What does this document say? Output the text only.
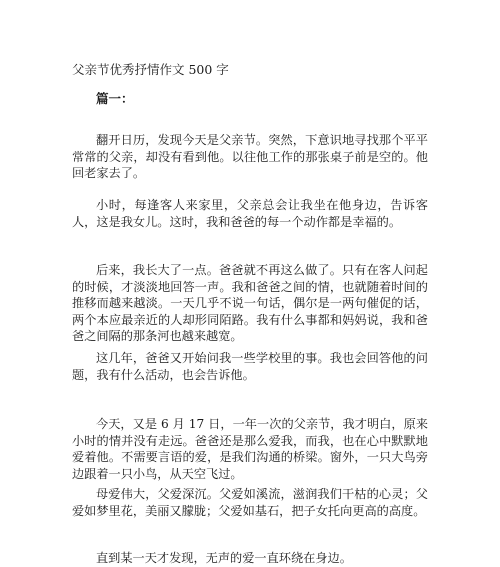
父亲节优秀抒情作文 500 字
篇一：

翻开日历，发现今天是父亲节。突然，下意识地寻找那个平平常常的父亲，却没有看到他。以往他工作的那张桌子前是空的。他回老家去了。

小时，每逢客人来家里，父亲总会让我坐在他身边，告诉客人，这是我女儿。这时，我和爸爸的每一个动作都是幸福的。

后来，我长大了一点。爸爸就不再这么做了。只有在客人问起的时候，才淡淡地回答一声。我和爸爸之间的情，也就随着时间的推移而越来越淡。一天几乎不说一句话，偶尔是一两句催促的话，两个本应最亲近的人却形同陌路。我有什么事都和妈妈说，我和爸爸之间隔的那条河也越来越宽。

这几年，爸爸又开始问我一些学校里的事。我也会回答他的问题，我有什么活动，也会告诉他。

今天，又是 6 月 17 日，一年一次的父亲节，我才明白，原来小时的情并没有走远。爸爸还是那么爱我，而我，也在心中默默地爱着他。不需要言语的爱，是我们沟通的桥梁。窗外，一只大鸟旁边跟着一只小鸟，从天空飞过。

母爱伟大，父爱深沉。父爱如溪流，滋润我们干枯的心灵；父爱如梦里花，美丽又朦胧；父爱如基石，把子女托向更高的高度。

直到某一天才发现，无声的爱一直环绕在身边。
